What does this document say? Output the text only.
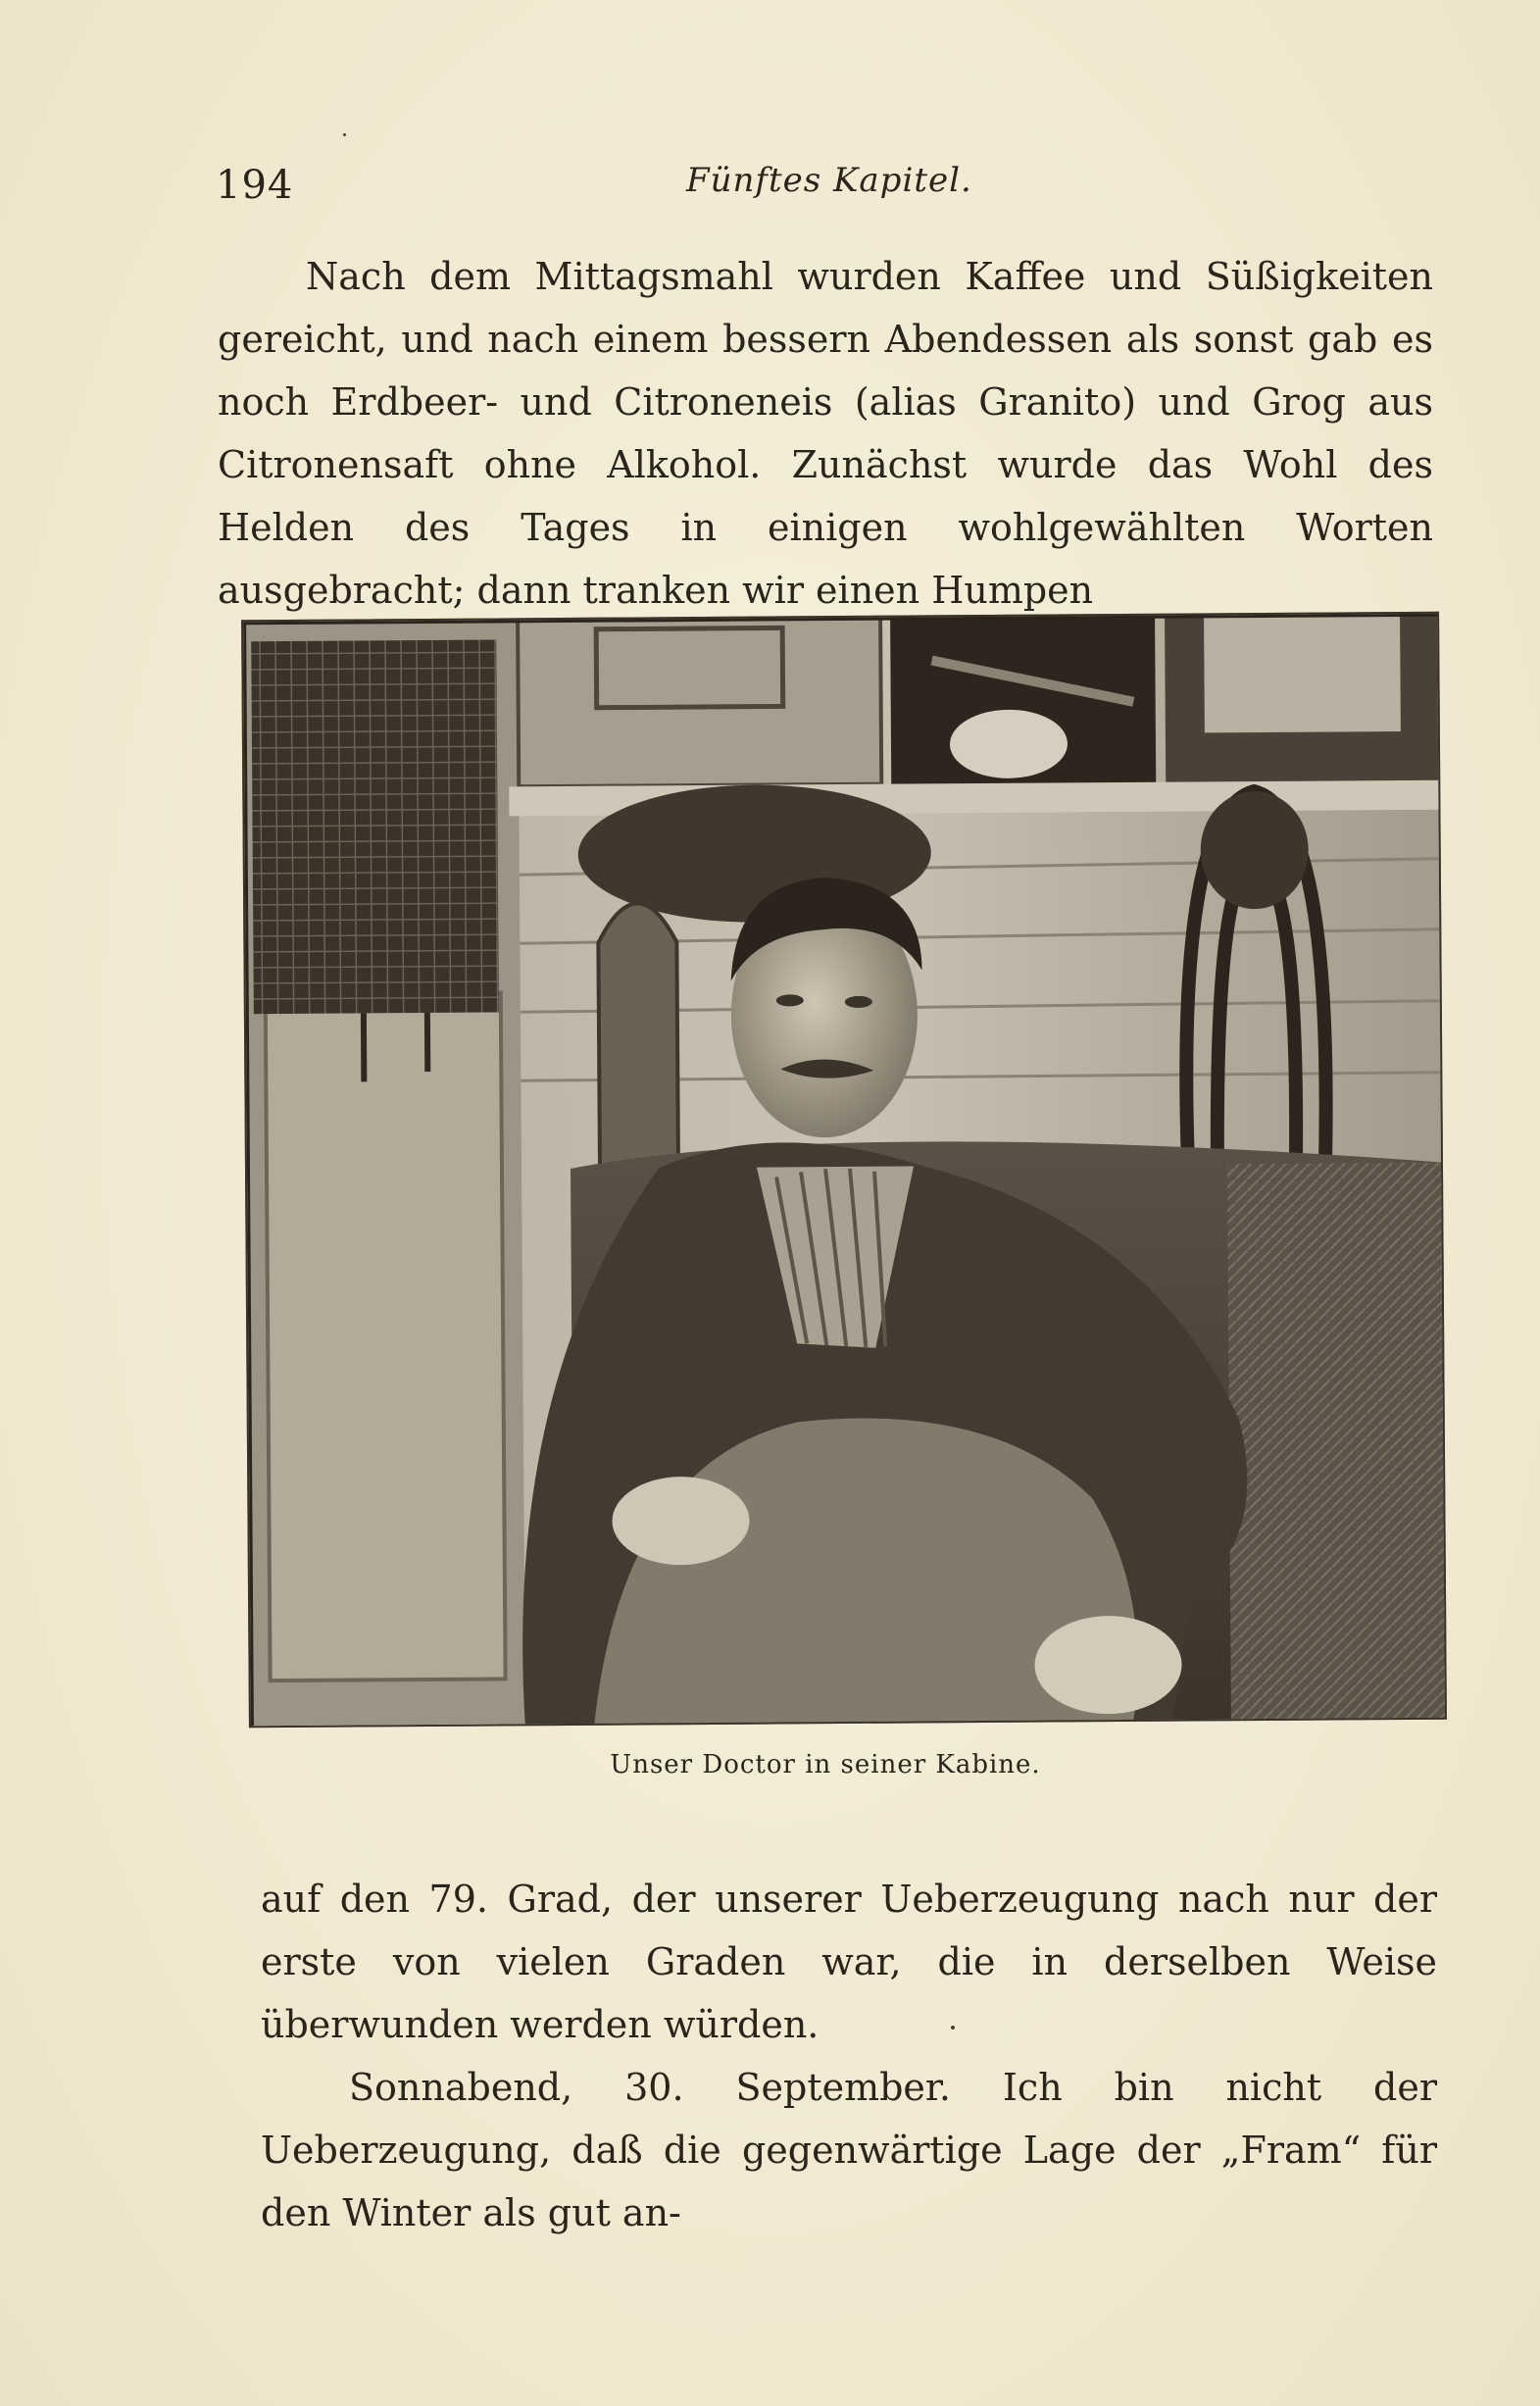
194	Fünftes Kapitel.

Nach dem Mittagsmahl wurden Kaffee und Süßigkeiten gereicht, und nach einem bessern Abendessen als sonst gab es noch Erdbeer- und Citroneneis (alias Granito) und Grog aus Citronensaft ohne Alkohol. Zunächst wurde das Wohl des Helden des Tages in einigen wohlgewählten Worten ausgebracht; dann tranken wir einen Humpen

Unser Doctor in seiner Kabine.

auf den 79. Grad, der unserer Ueberzeugung nach nur der erste von vielen Graden war, die in derselben Weise überwunden werden würden.

Sonnabend, 30. September. Ich bin nicht der Ueberzeugung, daß die gegenwärtige Lage der „Fram“ für den Winter als gut an-
